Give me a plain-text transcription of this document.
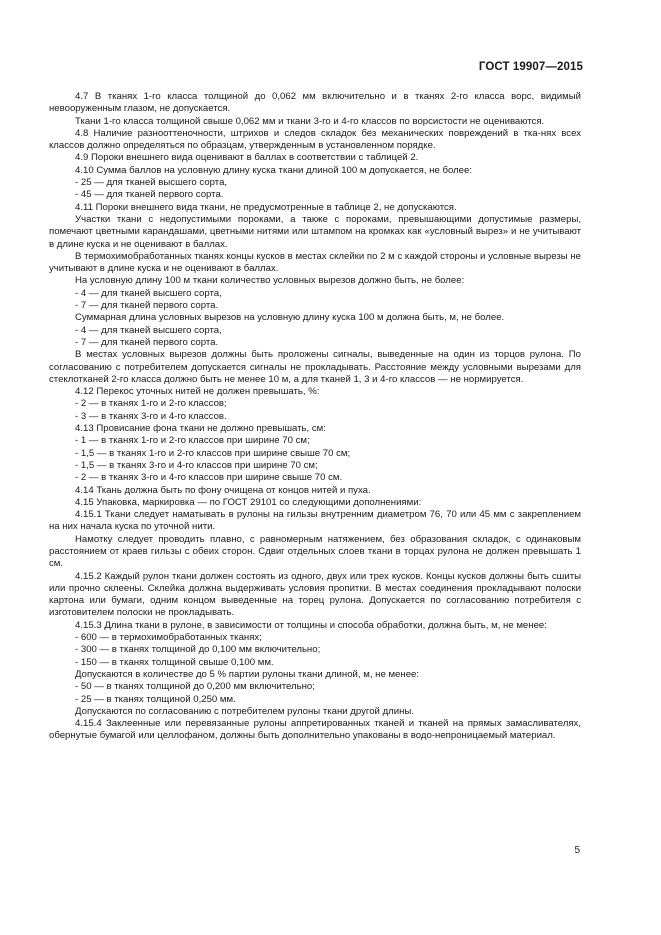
ГОСТ 19907—2015

4.7 В тканях 1-го класса толщиной до 0,062 мм включительно и в тканях 2-го класса ворс, видимый невооруженным глазом, не допускается.

Ткани 1-го класса толщиной свыше 0,062 мм и ткани 3-го и 4-го классов по ворсистости не оцениваются.

4.8 Наличие разнооттеночности, штрихов и следов складок без механических повреждений в тка-нях всех классов должно определяться по образцам, утвержденным в установленном порядке.

4.9 Пороки внешнего вида оценивают в баллах в соответствии с таблицей 2.

4.10 Сумма баллов на условную длину куска ткани длиной 100 м допускается, не более:

- 25 — для тканей высшего сорта,

- 45 — для тканей первого сорта.

4.11 Пороки внешнего вида ткани, не предусмотренные в таблице 2, не допускаются.

Участки ткани с недопустимыми пороками, а также с пороками, превышающими допустимые размеры, помечают цветными карандашами, цветными нитями или штампом на кромках как «условный вырез» и не учитывают в длине куска и не оценивают в баллах.

В термохимобработанных тканях концы кусков в местах склейки по 2 м с каждой стороны и условные вырезы не учитывают в длине куска и не оценивают в баллах.

На условную длину 100 м ткани количество условных вырезов должно быть, не более:

- 4 — для тканей высшего сорта,

- 7 — для тканей первого сорта.

Суммарная длина условных вырезов на условную длину куска 100 м должна быть, м, не более.

- 4 — для тканей высшего сорта,

- 7 — для тканей первого сорта.

В местах условных вырезов должны быть проложены сигналы, выведенные на один из торцов рулона. По согласованию с потребителем допускается сигналы не прокладывать. Расстояние между условными вырезами для стеклотканей 2-го класса должно быть не менее 10 м, а для тканей 1, 3 и 4-го классов — не нормируется.

4.12 Перекос уточных нитей не должен превышать, %:

- 2 — в тканях 1-го и 2-го классов;

- 3 — в тканях 3-го и 4-го классов.

4.13 Провисание фона ткани не должно превышать, см:

- 1 — в тканях 1-го и 2-го классов при ширине 70 см;

- 1,5 — в тканях 1-го и 2-го классов при ширине свыше 70 см;

- 1,5 — в тканях 3-го и 4-го классов при ширине 70 см;

- 2 — в тканях 3-го и 4-го классов при ширине свыше 70 см.

4.14 Ткань должна быть по фону очищена от концов нитей и пуха.

4.15 Упаковка, маркировка — по ГОСТ 29101 со следующими дополнениями:

4.15.1 Ткани следует наматывать в рулоны на гильзы внутренним диаметром 76, 70 или 45 мм с закреплением на них начала куска по уточной нити.

Намотку следует проводить плавно, с равномерным натяжением, без образования складок, с одинаковым расстоянием от краев гильзы с обеих сторон. Сдвиг отдельных слоев ткани в торцах рулона не должен превышать 1 см.

4.15.2 Каждый рулон ткани должен состоять из одного, двух или трех кусков. Концы кусков должны быть сшиты или прочно склеены. Склейка должна выдерживать условия пропитки. В местах соединения прокладывают полоски картона или бумаги, одним концом выведенные на торец рулона. Допускается по согласованию потребителя с изготовителем полоски не прокладывать.

4.15.3 Длина ткани в рулоне, в зависимости от толщины и способа обработки, должна быть, м, не менее:

- 600 — в термохимобработанных тканях;

- 300 — в тканях толщиной до 0,100 мм включительно;

- 150 — в тканях толщиной свыше 0,100 мм.

Допускаются в количестве до 5 % партии рулоны ткани длиной, м, не менее:

- 50 — в тканях толщиной до 0,200 мм включительно;

- 25 — в тканях толщиной 0,250 мм.

Допускаются по согласованию с потребителем рулоны ткани другой длины.

4.15.4 Заклеенные или перевязанные рулоны аппретированных тканей и тканей на прямых замасливателях, обернутые бумагой или целлофаном, должны быть дополнительно упакованы в водо-непроницаемый материал.

5
